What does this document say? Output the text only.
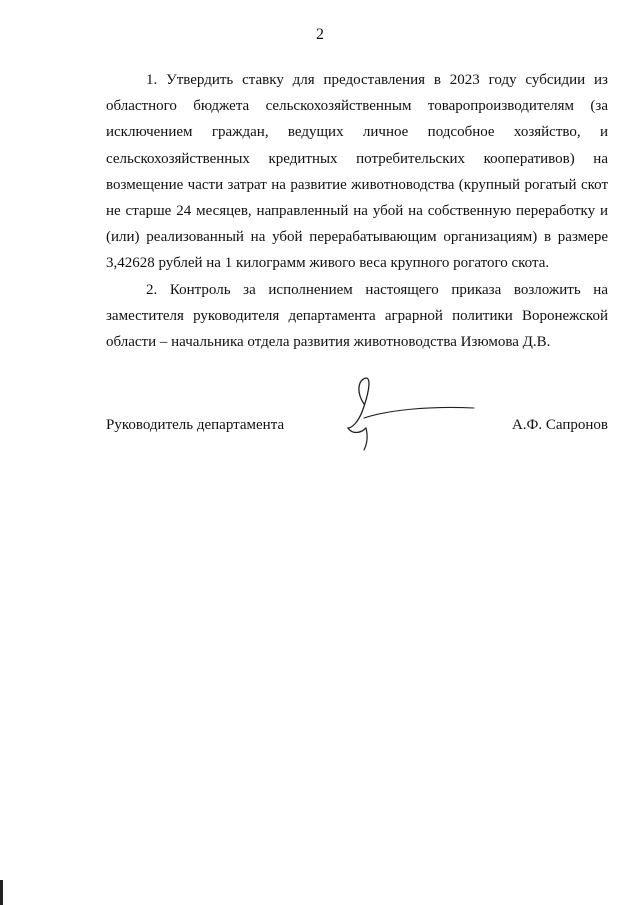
2

1. Утвердить ставку для предоставления в 2023 году субсидии из областного бюджета сельскохозяйственным товаропроизводителям (за исключением граждан, ведущих личное подсобное хозяйство, и сельскохозяйственных кредитных потребительских кооперативов) на возмещение части затрат на развитие животноводства (крупный рогатый скот не старше 24 месяцев, направленный на убой на собственную переработку и (или) реализованный на убой перерабатывающим организациям) в размере 3,42628 рублей на 1 килограмм живого веса крупного рогатого скота.

2. Контроль за исполнением настоящего приказа возложить на заместителя руководителя департамента аграрной политики Воронежской области – начальника отдела развития животноводства Изюмова Д.В.

Руководитель департамента	А.Ф. Сапронов
